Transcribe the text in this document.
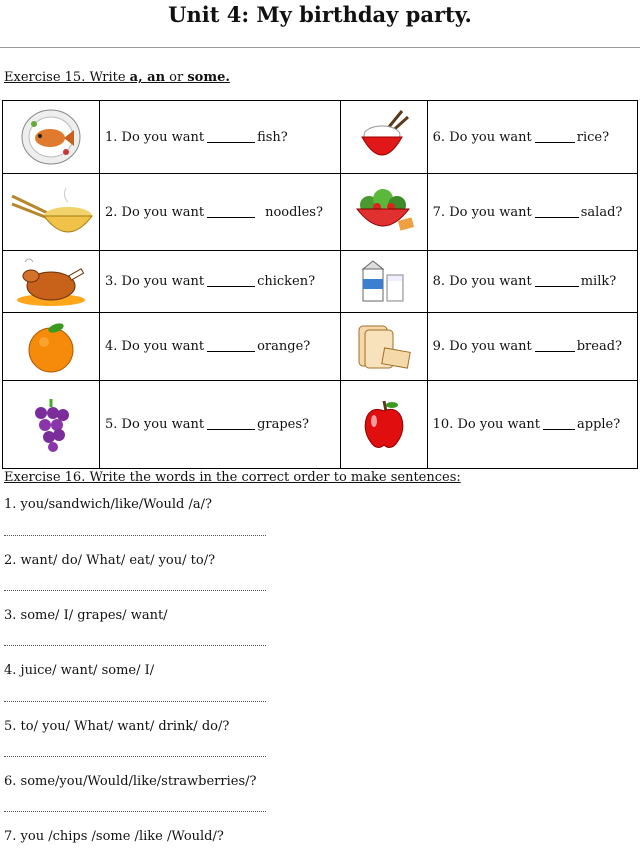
Unit 4: My birthday party.
Exercise 15. Write a, an or some.

1. Do you want fish?		6. Do you want rice?

2. Do you want noodles?		7. Do you want salad?

3. Do you want chicken?		8. Do you want milk?

4. Do you want orange?		9. Do you want bread?

5. Do you want grapes?		10. Do you want apple?
Exercise 16. Write the words in the correct order to make sentences:
1. you/sandwich/like/Would /a/?
2. want/ do/ What/ eat/ you/ to/?
3. some/ I/ grapes/ want/
4. juice/ want/ some/ I/
5. to/ you/ What/ want/ drink/ do/?
6. some/you/Would/like/strawberries/?
7. you /chips /some /like /Would/?
